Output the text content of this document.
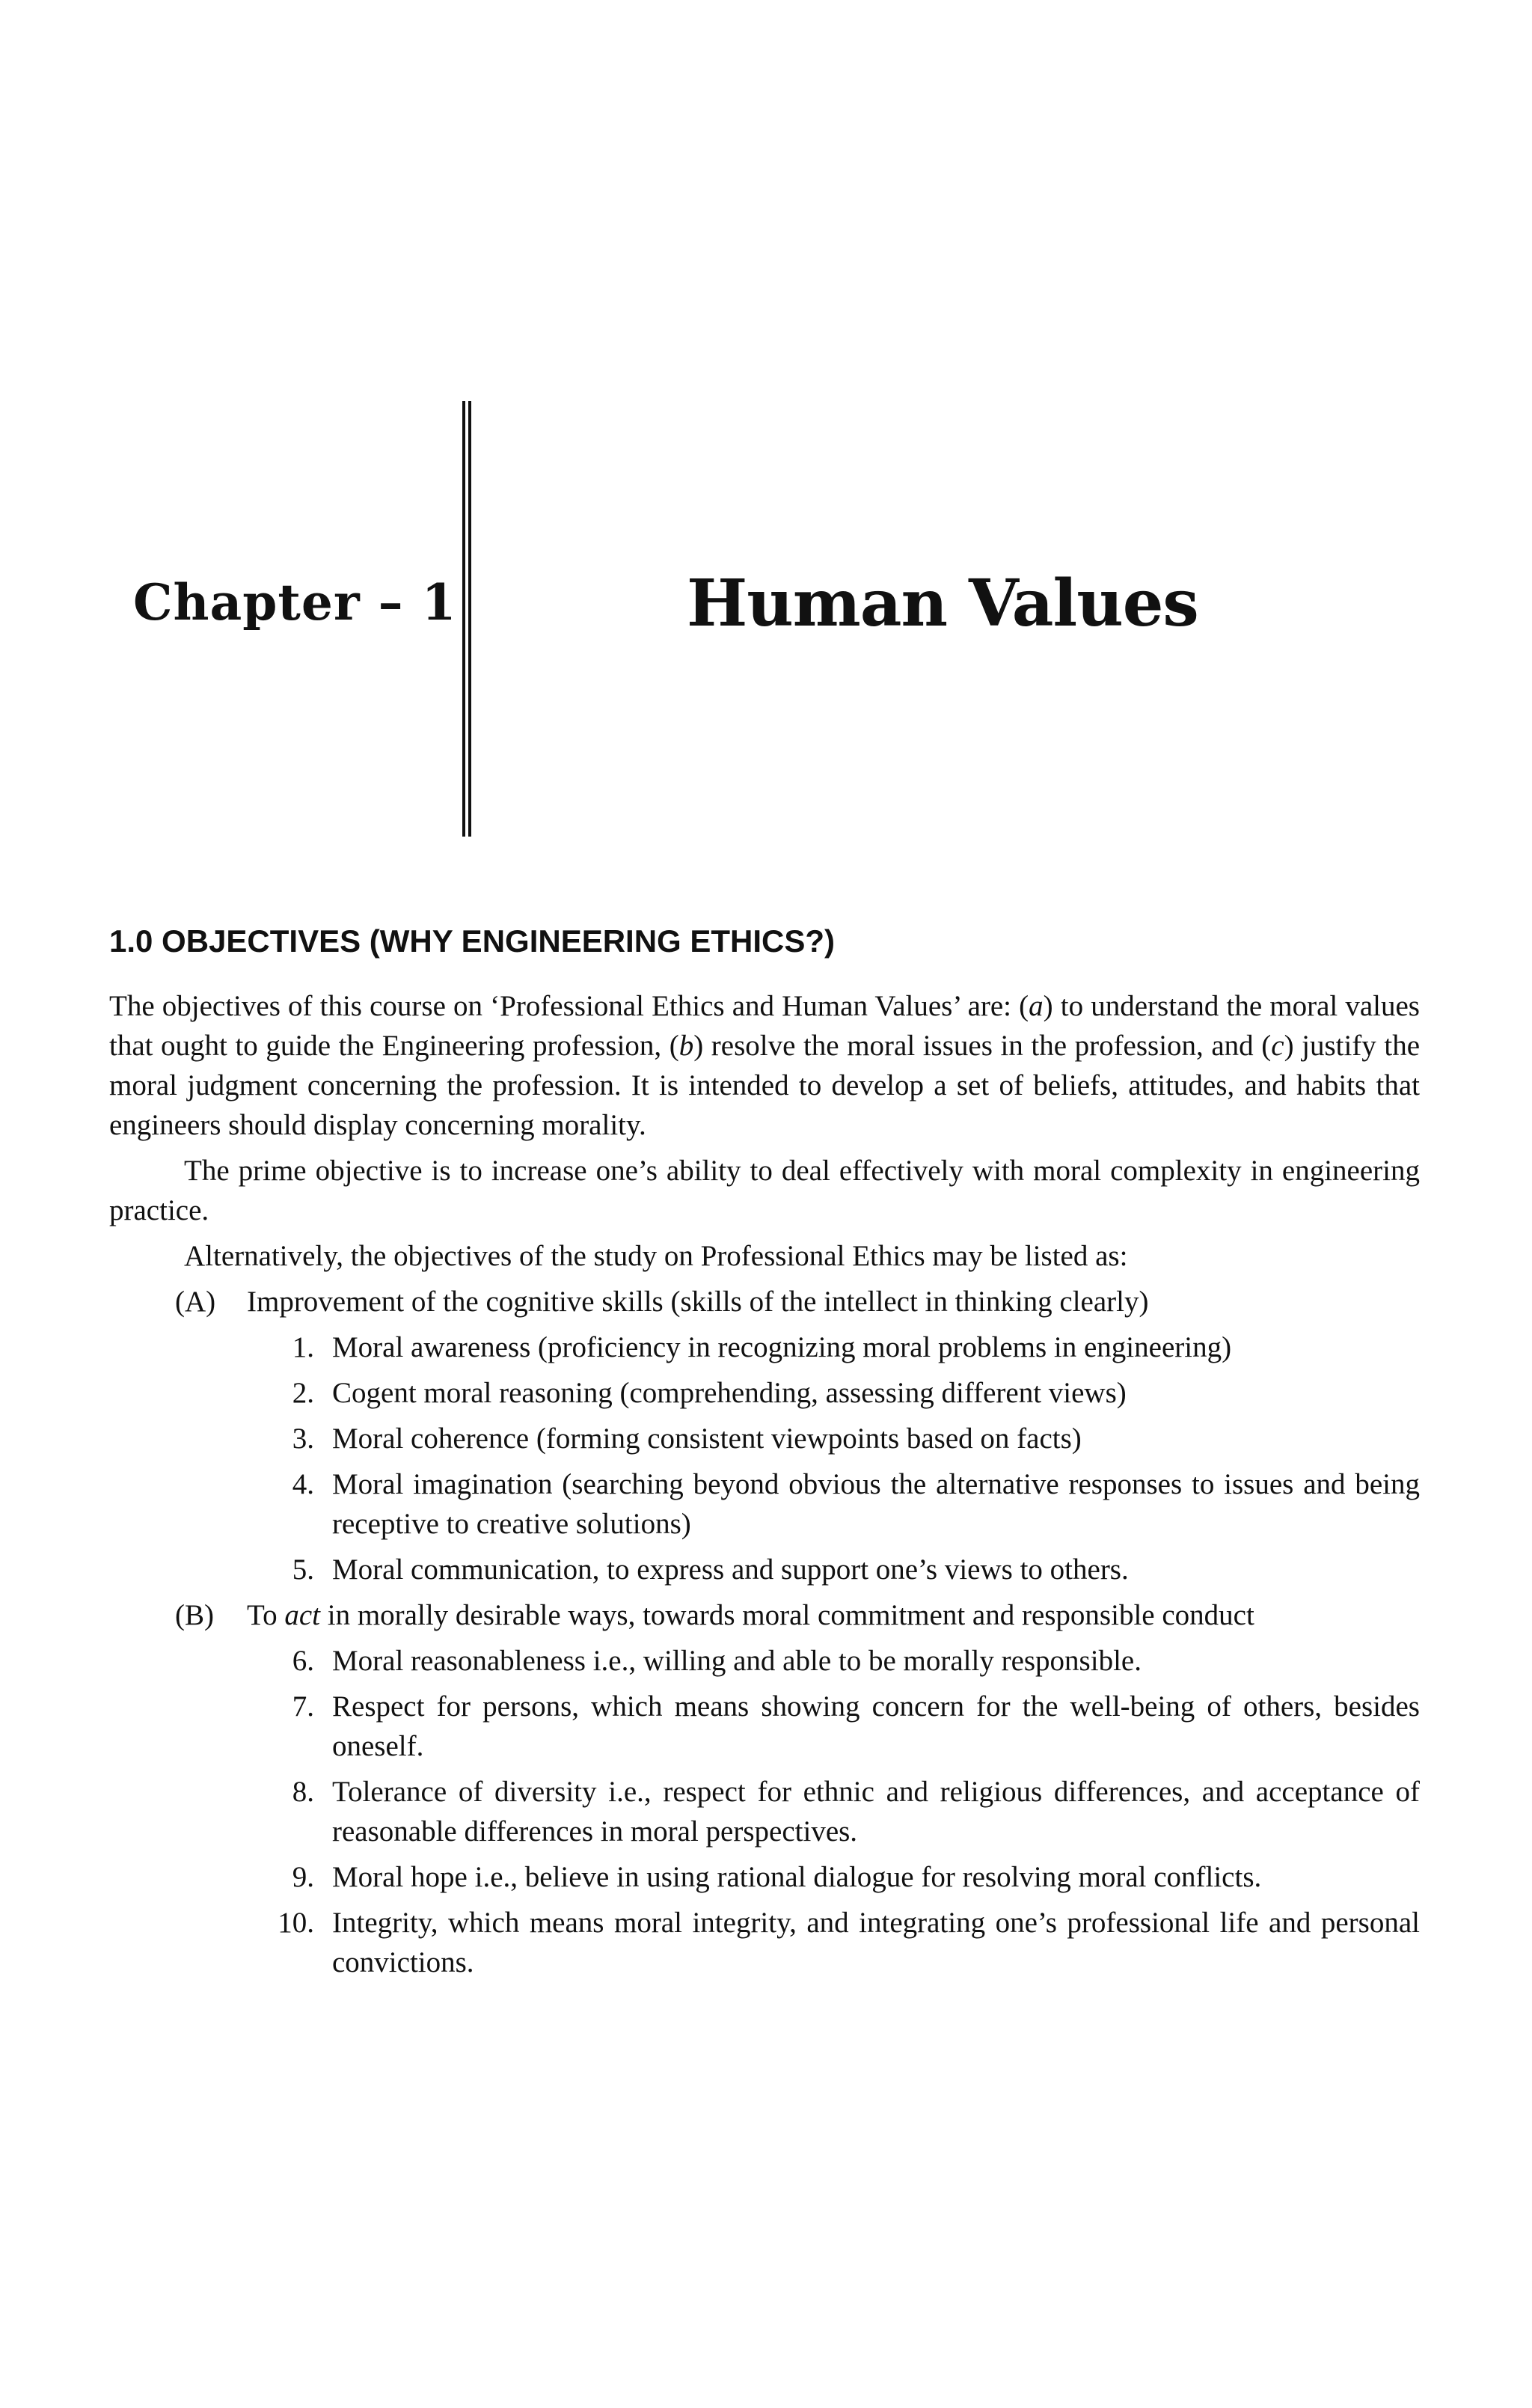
Chapter – 1	Human Values
1.0 OBJECTIVES (WHY ENGINEERING ETHICS?)

The objectives of this course on ‘Professional Ethics and Human Values’ are: (a) to understand the moral values that ought to guide the Engineering profession, (b) resolve the moral issues in the profession, and (c) justify the moral judgment concerning the profession. It is intended to develop a set of beliefs, attitudes, and habits that engineers should display concerning morality.

The prime objective is to increase one’s ability to deal effectively with moral complexity in engineering practice.

Alternatively, the objectives of the study on Professional Ethics may be listed as:

(A)	Improvement of the cognitive skills (skills of the intellect in thinking clearly)
1. Moral awareness (proficiency in recognizing moral problems in engineering)
2. Cogent moral reasoning (comprehending, assessing different views)
3. Moral coherence (forming consistent viewpoints based on facts)
4. Moral imagination (searching beyond obvious the alternative responses to issues and being receptive to creative solutions)
5. Moral communication, to express and support one’s views to others.
(B)	To act in morally desirable ways, towards moral commitment and responsible conduct
6. Moral reasonableness i.e., willing and able to be morally responsible.
7. Respect for persons, which means showing concern for the well-being of others, besides oneself.
8. Tolerance of diversity i.e., respect for ethnic and religious differences, and acceptance of reasonable differences in moral perspectives.
9. Moral hope i.e., believe in using rational dialogue for resolving moral conflicts.
10. Integrity, which means moral integrity, and integrating one’s professional life and personal convictions.
